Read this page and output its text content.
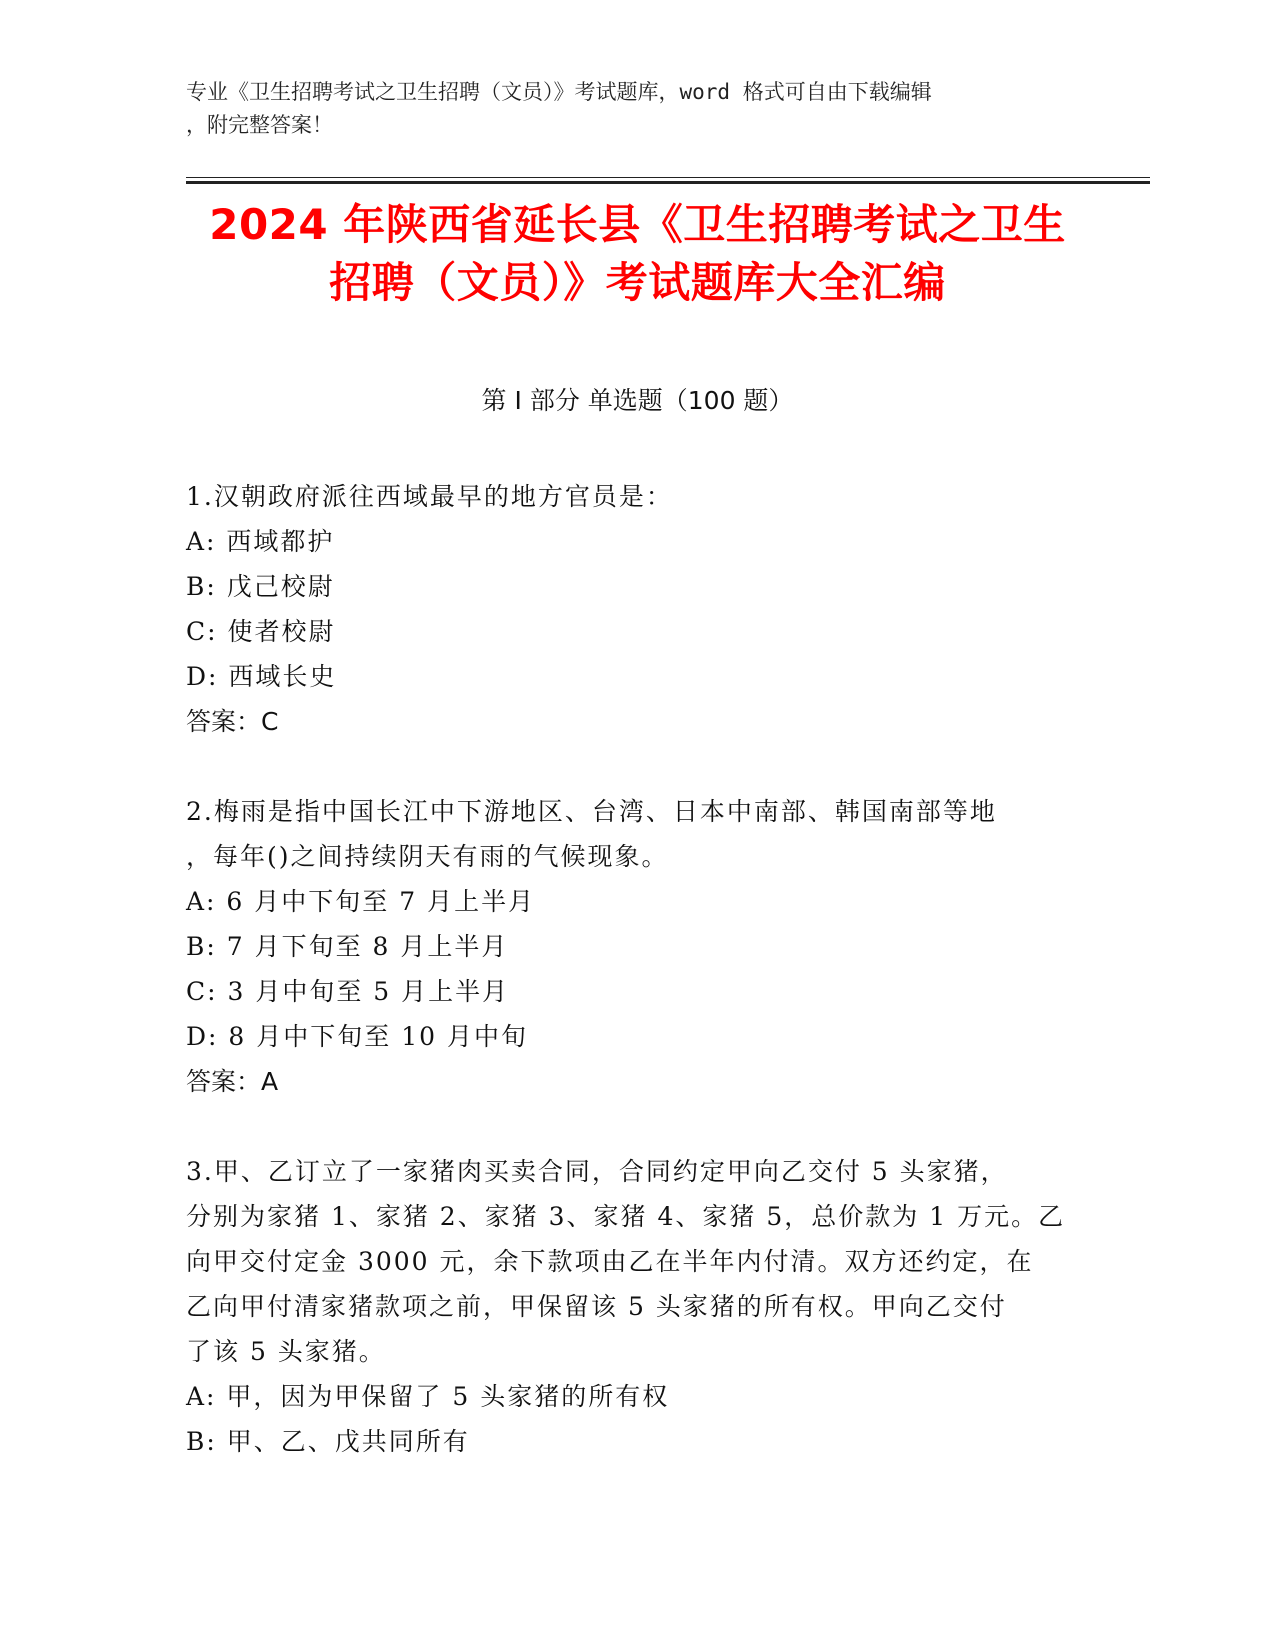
专业《卫生招聘考试之卫生招聘（文员）》考试题库，word 格式可自由下载编辑
，附完整答案！
2024 年陕西省延长县《卫生招聘考试之卫生
招聘（文员）》考试题库大全汇编
第 I 部分 单选题（100 题）
1.汉朝政府派往西域最早的地方官员是：
A: 西域都护
B: 戊己校尉
C: 使者校尉
D: 西域长史
答案：C
2.梅雨是指中国长江中下游地区、台湾、日本中南部、韩国南部等地
，每年()之间持续阴天有雨的气候现象。
A: 6 月中下旬至 7 月上半月
B: 7 月下旬至 8 月上半月
C: 3 月中旬至 5 月上半月
D: 8 月中下旬至 10 月中旬
答案：A
3.甲、乙订立了一家猪肉买卖合同，合同约定甲向乙交付 5 头家猪，
分别为家猪 1、家猪 2、家猪 3、家猪 4、家猪 5，总价款为 1 万元。乙
向甲交付定金 3000 元，余下款项由乙在半年内付清。双方还约定，在
乙向甲付清家猪款项之前，甲保留该 5 头家猪的所有权。甲向乙交付
了该 5 头家猪。
A: 甲，因为甲保留了 5 头家猪的所有权
B: 甲、乙、戊共同所有
